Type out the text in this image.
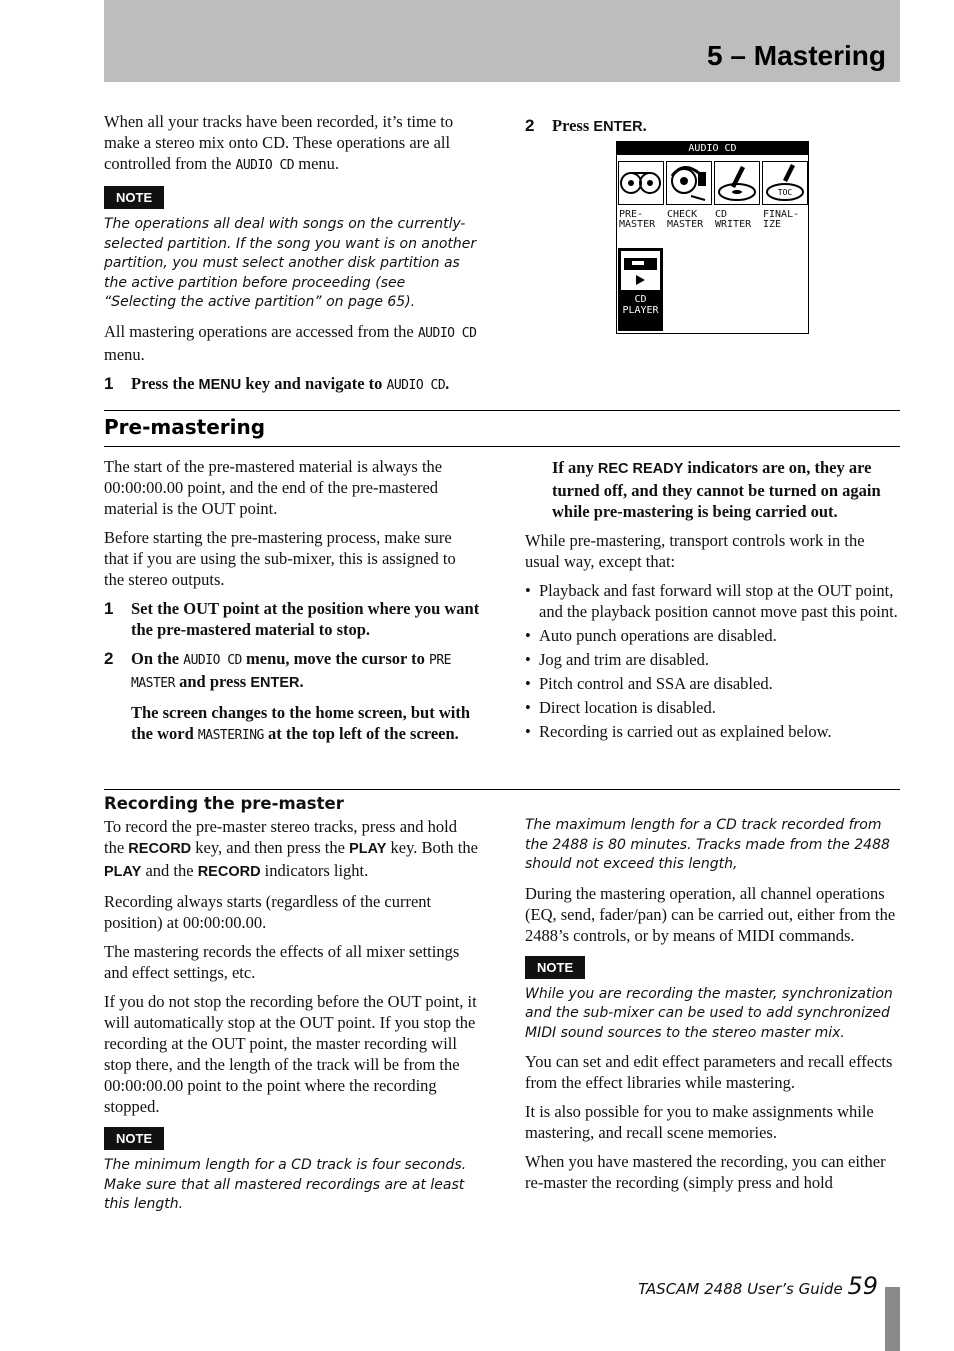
5 – Mastering

When all your tracks have been recorded, it’s time to make a stereo mix onto CD. These operations are all controlled from the AUDIO CD menu.

NOTE

The operations all deal with songs on the currently-selected partition. If the song you want is on another partition, you must select another disk partition as the active partition before proceeding (see “Selecting the active partition” on page 65).

All mastering operations are accessed from the AUDIO CD menu.

1	Press the MENU key and navigate to AUDIO CD.
2	Press ENTER.
AUDIO CD
PRE-
MASTER
CHECK
MASTER
CD
WRITER
TOC
FINAL-
IZE
CD
PLAYER
Pre-mastering

The start of the pre-mastered material is always the 00:00:00.00 point, and the end of the pre-mastered material is the OUT point.

Before starting the pre-mastering process, make sure that if you are using the sub-mixer, this is assigned to the stereo outputs.

1	Set the OUT point at the position where you want the pre-mastered material to stop.
2	On the AUDIO CD menu, move the cursor to PRE MASTER and press ENTER.

The screen changes to the home screen, but with the word MASTERING at the top left of the screen.

If any REC READY indicators are on, they are turned off, and they cannot be turned on again while pre-mastering is being carried out.

While pre-mastering, transport controls work in the usual way, except that:

• Playback and fast forward will stop at the OUT point, and the playback position cannot move past this point.
• Auto punch operations are disabled.
• Jog and trim are disabled.
• Pitch control and SSA are disabled.
• Direct location is disabled.
• Recording is carried out as explained below.
Recording the pre-master

To record the pre-master stereo tracks, press and hold the RECORD key, and then press the PLAY key. Both the PLAY and the RECORD indicators light.

Recording always starts (regardless of the current position) at 00:00:00.00.

The mastering records the effects of all mixer settings and effect settings, etc.

If you do not stop the recording before the OUT point, it will automatically stop at the OUT point. If you stop the recording at the OUT point, the master recording will stop there, and the length of the track will be from the 00:00:00.00 point to the point where the recording stopped.

NOTE

The minimum length for a CD track is four seconds. Make sure that all mastered recordings are at least this length.

The maximum length for a CD track recorded from the 2488 is 80 minutes. Tracks made from the 2488 should not exceed this length,

During the mastering operation, all channel operations (EQ, send, fader/pan) can be carried out, either from the 2488’s controls, or by means of MIDI commands.

NOTE

While you are recording the master, synchronization and the sub-mixer can be used to add synchronized MIDI sound sources to the stereo master mix.

You can set and edit effect parameters and recall effects from the effect libraries while mastering.

It is also possible for you to make assignments while mastering, and recall scene memories.

When you have mastered the recording, you can either re-master the recording (simply press and hold

TASCAM 2488 User’s Guide 59
